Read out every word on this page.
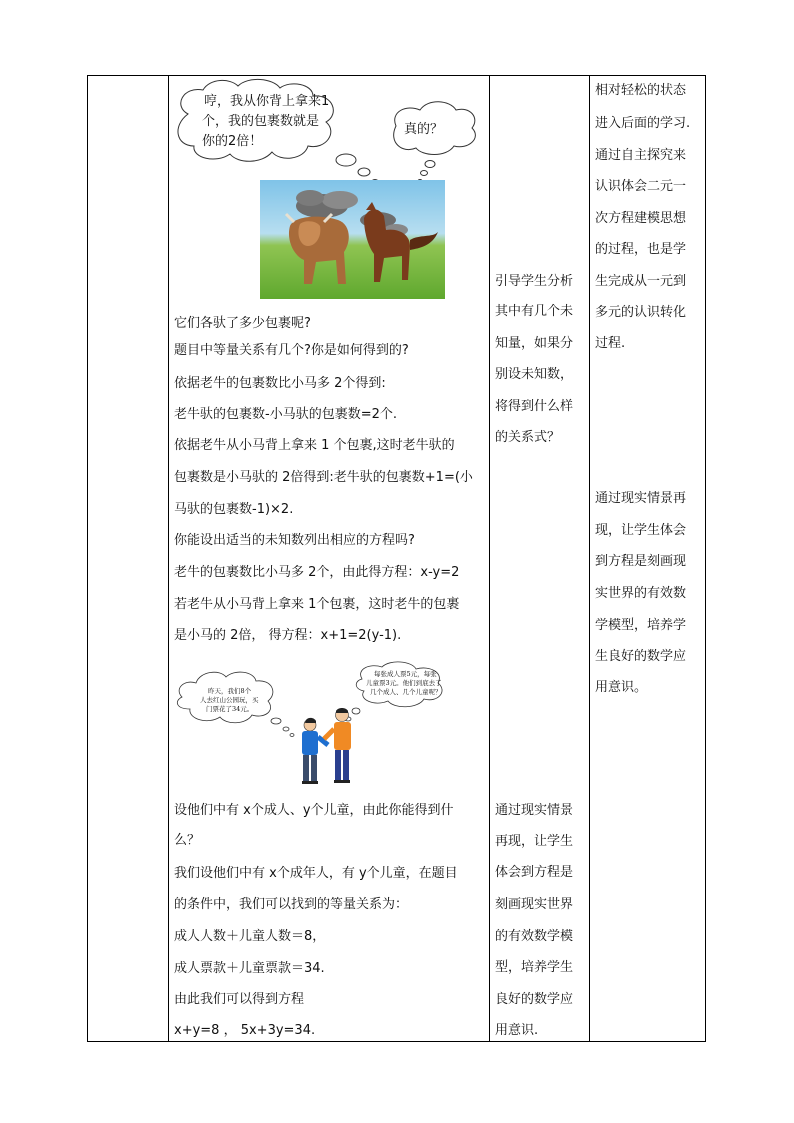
哼，我从你背上拿来1
个，我的包裹数就是
你的2倍！
真的？
它们各驮了多少包裹呢?
题目中等量关系有几个?你是如何得到的?
依据老牛的包裹数比小马多 2个得到:
老牛驮的包裹数-小马驮的包裹数=2个.
依据老牛从小马背上拿来 1 个包裹,这时老牛驮的
包裹数是小马驮的 2倍得到:老牛驮的包裹数+1=(小
马驮的包裹数-1)×2.
你能设出适当的未知数列出相应的方程吗?
老牛的包裹数比小马多 2个，由此得方程：x-y=2
若老牛从小马背上拿来 1个包裹，这时老牛的包裹
是小马的 2倍， 得方程：x+1=2(y-1).
昨天，我们8个
人去红山公园玩，买
门票花了34元。
每张成人票5元，每张
儿童票3元。他们到底去了
几个成人、几个儿童呢？
设他们中有 x个成人、y个儿童，由此你能得到什
么？
我们设他们中有 x个成年人，有 y个儿童，在题目
的条件中，我们可以找到的等量关系为：
成人人数＋儿童人数＝8，
成人票款＋儿童票款＝34.
由此我们可以得到方程
x+y=8 ， 5x+3y=34.
引导学生分析
其中有几个未
知量，如果分
别设未知数，
将得到什么样
的关系式？
通过现实情景
再现，让学生
体会到方程是
刻画现实世界
的有效数学模
型，培养学生
良好的数学应
用意识.
相对轻松的状态
进入后面的学习.
通过自主探究来
认识体会二元一
次方程建模思想
的过程，也是学
生完成从一元到
多元的认识转化
过程.
通过现实情景再
现，让学生体会
到方程是刻画现
实世界的有效数
学模型，培养学
生良好的数学应
用意识。
